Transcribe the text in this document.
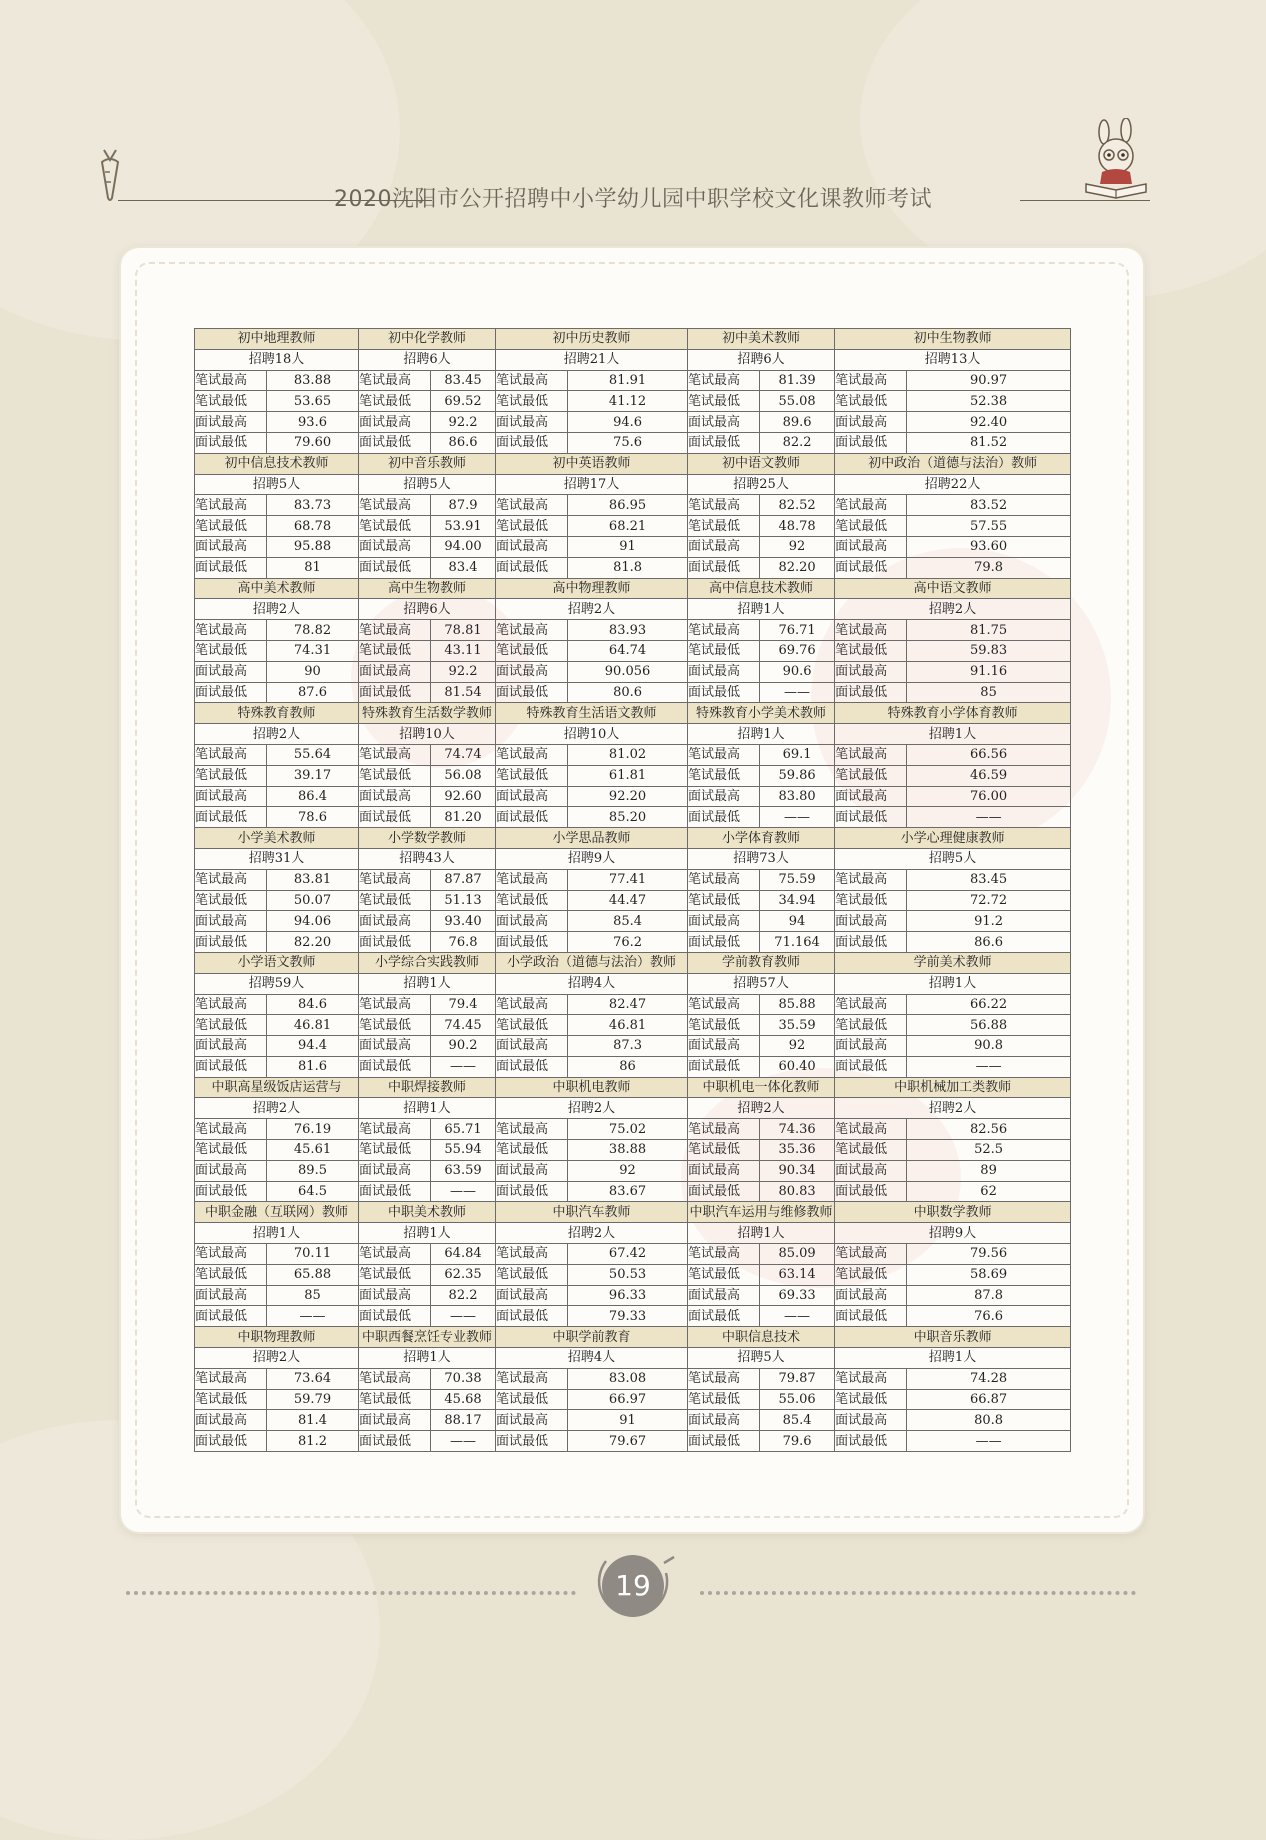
2020沈阳市公开招聘中小学幼儿园中职学校文化课教师考试
初中地理教师		初中化学教师		初中历史教师		初中美术教师		初中生物教师	
招聘18人		招聘6人		招聘21人		招聘6人		招聘13人	
笔试最高	83.88	笔试最高	83.45	笔试最高	81.91	笔试最高	81.39	笔试最高	90.97
笔试最低	53.65	笔试最低	69.52	笔试最低	41.12	笔试最低	55.08	笔试最低	52.38
面试最高	93.6	面试最高	92.2	面试最高	94.6	面试最高	89.6	面试最高	92.40
面试最低	79.60	面试最低	86.6	面试最低	75.6	面试最低	82.2	面试最低	81.52
初中信息技术教师		初中音乐教师		初中英语教师		初中语文教师		初中政治（道德与法治）教师	
招聘5人		招聘5人		招聘17人		招聘25人		招聘22人	
笔试最高	83.73	笔试最高	87.9	笔试最高	86.95	笔试最高	82.52	笔试最高	83.52
笔试最低	68.78	笔试最低	53.91	笔试最低	68.21	笔试最低	48.78	笔试最低	57.55
面试最高	95.88	面试最高	94.00	面试最高	91	面试最高	92	面试最高	93.60
面试最低	81	面试最低	83.4	面试最低	81.8	面试最低	82.20	面试最低	79.8
高中美术教师		高中生物教师		高中物理教师		高中信息技术教师		高中语文教师	
招聘2人		招聘6人		招聘2人		招聘1人		招聘2人	
笔试最高	78.82	笔试最高	78.81	笔试最高	83.93	笔试最高	76.71	笔试最高	81.75
笔试最低	74.31	笔试最低	43.11	笔试最低	64.74	笔试最低	69.76	笔试最低	59.83
面试最高	90	面试最高	92.2	面试最高	90.056	面试最高	90.6	面试最高	91.16
面试最低	87.6	面试最低	81.54	面试最低	80.6	面试最低	——	面试最低	85
特殊教育教师		特殊教育生活数学教师		特殊教育生活语文教师		特殊教育小学美术教师		特殊教育小学体育教师	
招聘2人		招聘10人		招聘10人		招聘1人		招聘1人	
笔试最高	55.64	笔试最高	74.74	笔试最高	81.02	笔试最高	69.1	笔试最高	66.56
笔试最低	39.17	笔试最低	56.08	笔试最低	61.81	笔试最低	59.86	笔试最低	46.59
面试最高	86.4	面试最高	92.60	面试最高	92.20	面试最高	83.80	面试最高	76.00
面试最低	78.6	面试最低	81.20	面试最低	85.20	面试最低	——	面试最低	——
小学美术教师		小学数学教师		小学思品教师		小学体育教师		小学心理健康教师	
招聘31人		招聘43人		招聘9人		招聘73人		招聘5人	
笔试最高	83.81	笔试最高	87.87	笔试最高	77.41	笔试最高	75.59	笔试最高	83.45
笔试最低	50.07	笔试最低	51.13	笔试最低	44.47	笔试最低	34.94	笔试最低	72.72
面试最高	94.06	面试最高	93.40	面试最高	85.4	面试最高	94	面试最高	91.2
面试最低	82.20	面试最低	76.8	面试最低	76.2	面试最低	71.164	面试最低	86.6
小学语文教师		小学综合实践教师		小学政治（道德与法治）教师		学前教育教师		学前美术教师	
招聘59人		招聘1人		招聘4人		招聘57人		招聘1人	
笔试最高	84.6	笔试最高	79.4	笔试最高	82.47	笔试最高	85.88	笔试最高	66.22
笔试最低	46.81	笔试最低	74.45	笔试最低	46.81	笔试最低	35.59	笔试最低	56.88
面试最高	94.4	面试最高	90.2	面试最高	87.3	面试最高	92	面试最高	90.8
面试最低	81.6	面试最低	——	面试最低	86	面试最低	60.40	面试最低	——
中职高星级饭店运营与		中职焊接教师		中职机电教师		中职机电一体化教师		中职机械加工类教师	
招聘2人		招聘1人		招聘2人		招聘2人		招聘2人	
笔试最高	76.19	笔试最高	65.71	笔试最高	75.02	笔试最高	74.36	笔试最高	82.56
笔试最低	45.61	笔试最低	55.94	笔试最低	38.88	笔试最低	35.36	笔试最低	52.5
面试最高	89.5	面试最高	63.59	面试最高	92	面试最高	90.34	面试最高	89
面试最低	64.5	面试最低	——	面试最低	83.67	面试最低	80.83	面试最低	62
中职金融（互联网）教师		中职美术教师		中职汽车教师		中职汽车运用与维修教师		中职数学教师	
招聘1人		招聘1人		招聘2人		招聘1人		招聘9人	
笔试最高	70.11	笔试最高	64.84	笔试最高	67.42	笔试最高	85.09	笔试最高	79.56
笔试最低	65.88	笔试最低	62.35	笔试最低	50.53	笔试最低	63.14	笔试最低	58.69
面试最高	85	面试最高	82.2	面试最高	96.33	面试最高	69.33	面试最高	87.8
面试最低	——	面试最低	——	面试最低	79.33	面试最低	——	面试最低	76.6
中职物理教师		中职西餐烹饪专业教师		中职学前教育		中职信息技术		中职音乐教师	
招聘2人		招聘1人		招聘4人		招聘5人		招聘1人	
笔试最高	73.64	笔试最高	70.38	笔试最高	83.08	笔试最高	79.87	笔试最高	74.28
笔试最低	59.79	笔试最低	45.68	笔试最低	66.97	笔试最低	55.06	笔试最低	66.87
面试最高	81.4	面试最高	88.17	面试最高	91	面试最高	85.4	面试最高	80.8
面试最低	81.2	面试最低	——	面试最低	79.67	面试最低	79.6	面试最低	——
19
